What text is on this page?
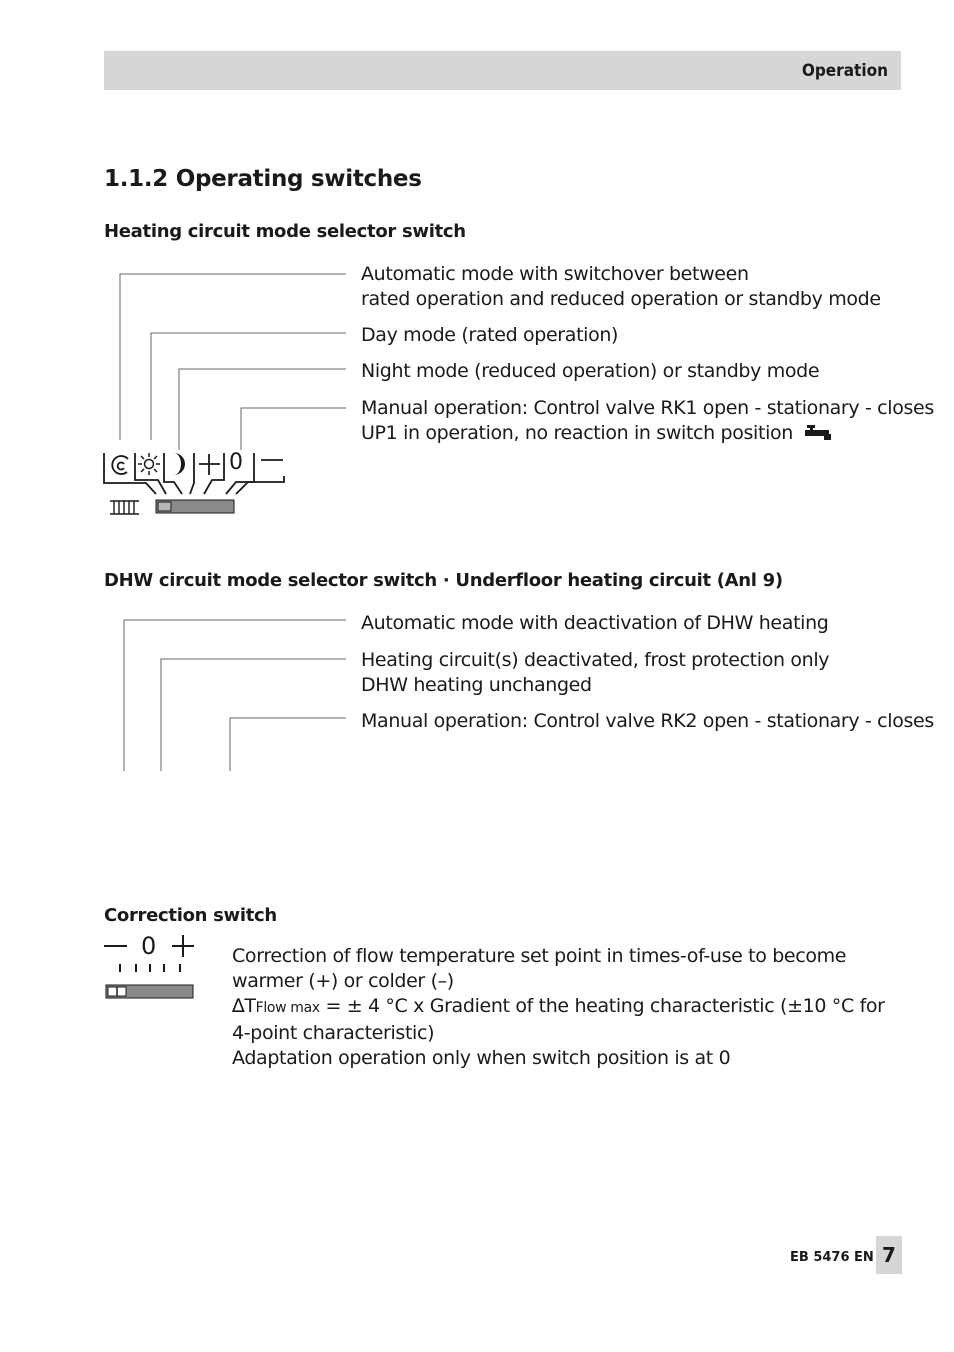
Operation
1.1.2 Operating switches
Heating circuit mode selector switch
Automatic mode with switchover between
rated operation and reduced operation or standby mode
Day mode (rated operation)
Night mode (reduced operation) or standby mode
Manual operation: Control valve RK1 open - stationary - closes
UP1 in operation, no reaction in switch position
0
DHW circuit mode selector switch · Underfloor heating circuit (Anl 9)
Automatic mode with deactivation of DHW heating
Heating circuit(s) deactivated, frost protection only
DHW heating unchanged
Manual operation: Control valve RK2 open - stationary - closes
Correction switch
0	Correction of flow temperature set point in times-of-use to become warmer (+) or colder (–)
∆TFlow max = ± 4 °C x Gradient of the heating characteristic (±10 °C for 4-point characteristic)
Adaptation operation only when switch position is at 0
EB 5476 EN 7
